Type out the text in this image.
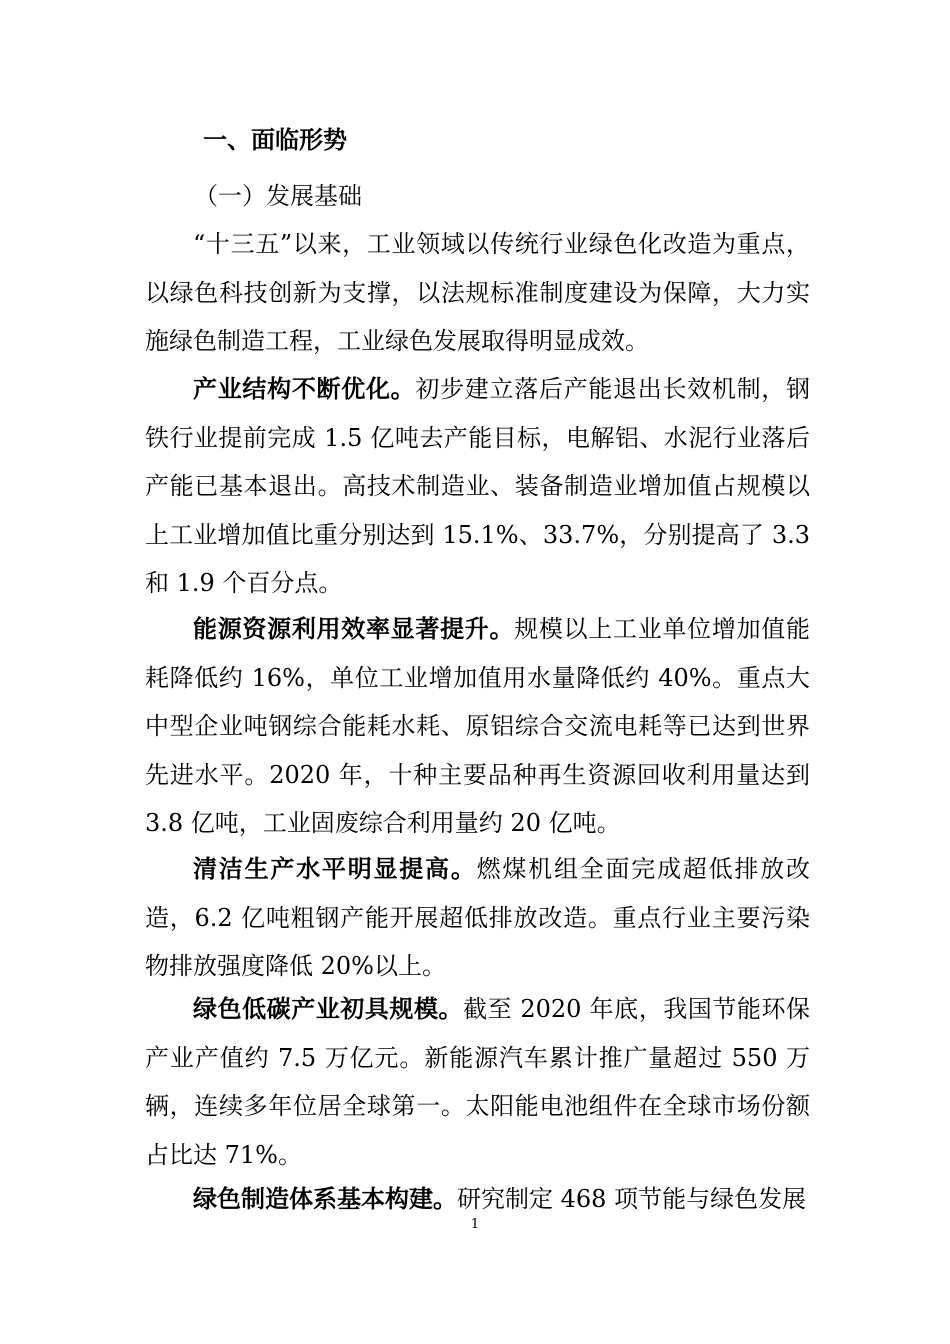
一、面临形势
（一）发展基础

“十三五”以来，工业领域以传统行业绿色化改造为重点，以绿色科技创新为支撑，以法规标准制度建设为保障，大力实施绿色制造工程，工业绿色发展取得明显成效。

产业结构不断优化。初步建立落后产能退出长效机制，钢铁行业提前完成 1.5 亿吨去产能目标，电解铝、水泥行业落后产能已基本退出。高技术制造业、装备制造业增加值占规模以上工业增加值比重分别达到 15.1%、33.7%，分别提高了 3.3 和 1.9 个百分点。

能源资源利用效率显著提升。规模以上工业单位增加值能耗降低约 16%，单位工业增加值用水量降低约 40%。重点大中型企业吨钢综合能耗水耗、原铝综合交流电耗等已达到世界先进水平。2020 年，十种主要品种再生资源回收利用量达到 3.8 亿吨，工业固废综合利用量约 20 亿吨。

清洁生产水平明显提高。燃煤机组全面完成超低排放改造，6.2 亿吨粗钢产能开展超低排放改造。重点行业主要污染物排放强度降低 20%以上。

绿色低碳产业初具规模。截至 2020 年底，我国节能环保产业产值约 7.5 万亿元。新能源汽车累计推广量超过 550 万辆，连续多年位居全球第一。太阳能电池组件在全球市场份额占比达 71%。

绿色制造体系基本构建。研究制定 468 项节能与绿色发展

1
